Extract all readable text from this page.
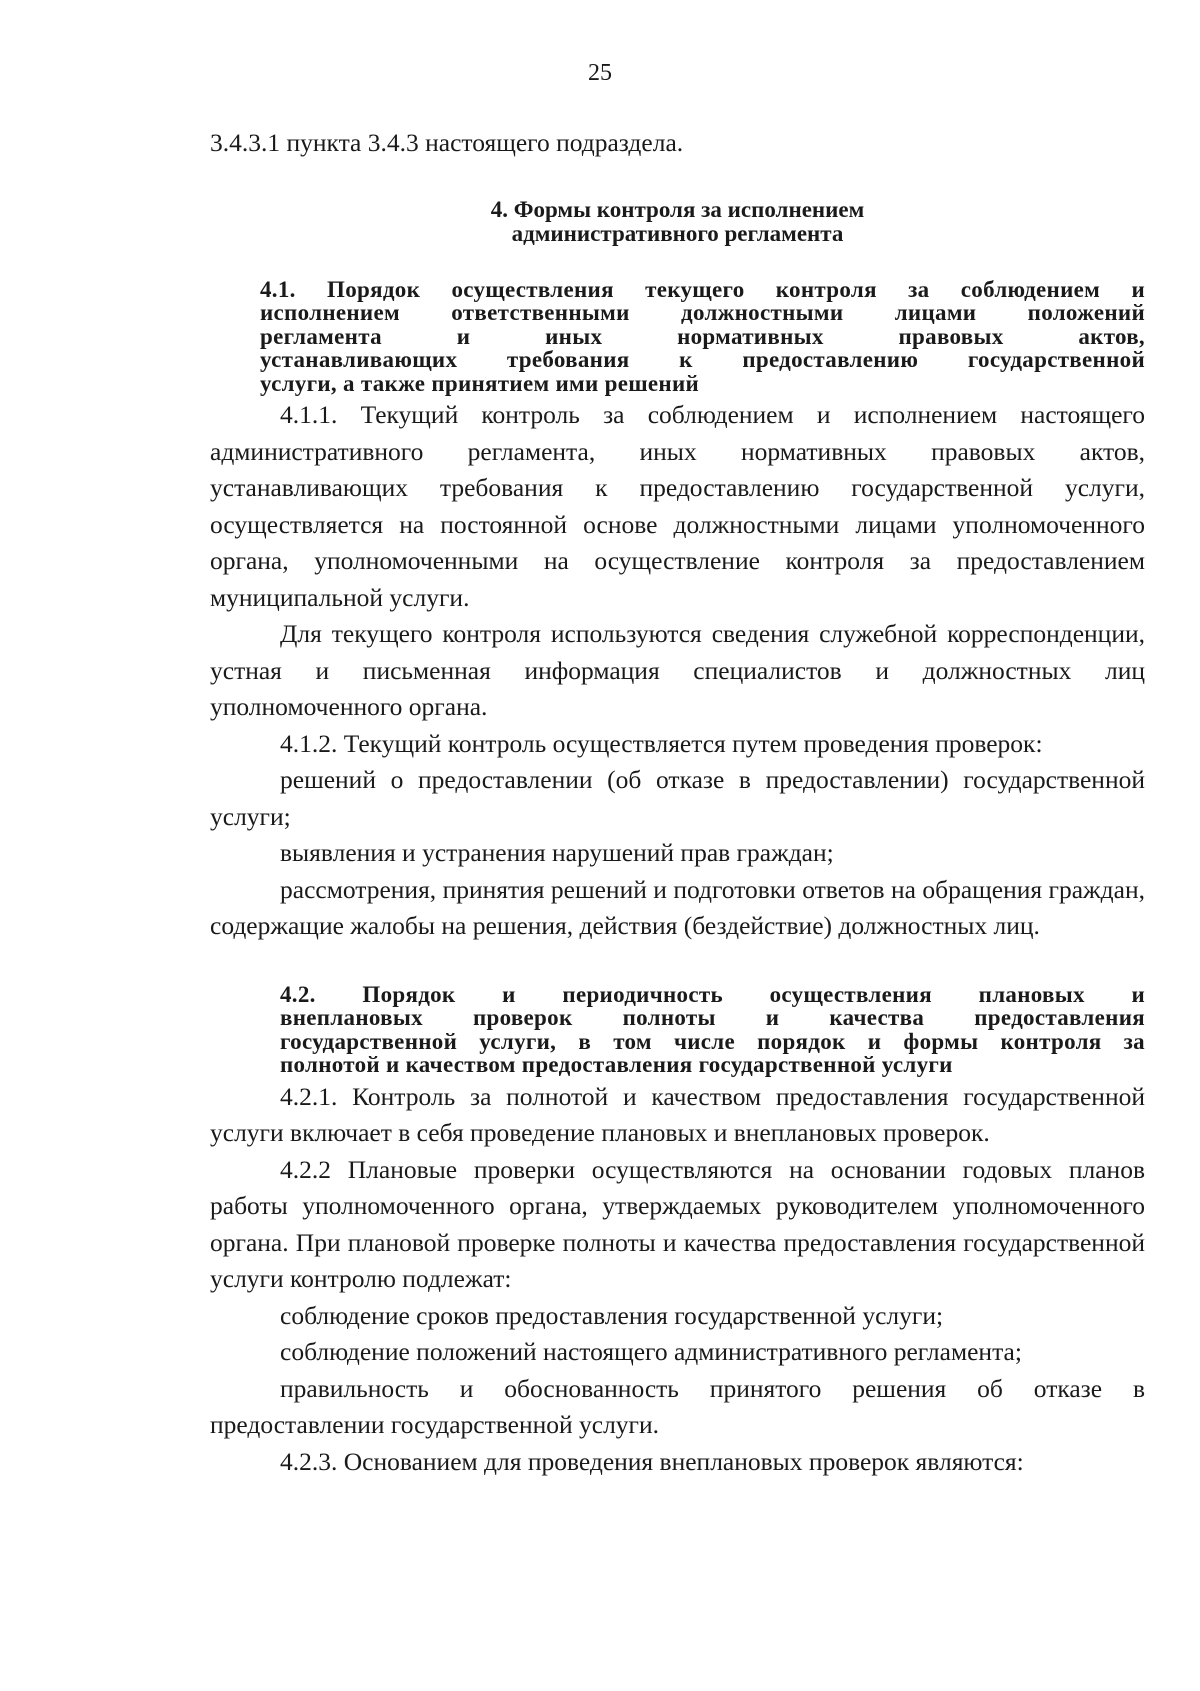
25

3.4.3.1 пункта 3.4.3 настоящего подраздела.

4. Формы контроля за исполнением

административного регламента

4.1. Порядок осуществления текущего контроля за соблюдением и
исполнением ответственными должностными лицами положений
регламента и иных нормативных правовых актов,
устанавливающих требования к предоставлению государственной
услуги, а также принятием ими решений

4.1.1. Текущий контроль за соблюдением и исполнением настоящего административного регламента, иных нормативных правовых актов, устанавливающих требования к предоставлению государственной услуги, осуществляется на постоянной основе должностными лицами уполномоченного органа, уполномоченными на осуществление контроля за предоставлением муниципальной услуги.

Для текущего контроля используются сведения служебной корреспонденции, устная и письменная информация специалистов и должностных лиц уполномоченного органа.

4.1.2. Текущий контроль осуществляется путем проведения проверок:

решений о предоставлении (об отказе в предоставлении) государственной услуги;

выявления и устранения нарушений прав граждан;

рассмотрения, принятия решений и подготовки ответов на обращения граждан, содержащие жалобы на решения, действия (бездействие) должностных лиц.

4.2. Порядок и периодичность осуществления плановых и
внеплановых проверок полноты и качества предоставления
государственной услуги, в том числе порядок и формы контроля за
полнотой и качеством предоставления государственной услуги

4.2.1. Контроль за полнотой и качеством предоставления государственной услуги включает в себя проведение плановых и внеплановых проверок.

4.2.2 Плановые проверки осуществляются на основании годовых планов работы уполномоченного органа, утверждаемых руководителем уполномоченного органа. При плановой проверке полноты и качества предоставления государственной услуги контролю подлежат:

соблюдение сроков предоставления государственной услуги;

соблюдение положений настоящего административного регламента;

правильность и обоснованность принятого решения об отказе в предоставлении государственной услуги.

4.2.3. Основанием для проведения внеплановых проверок являются:
